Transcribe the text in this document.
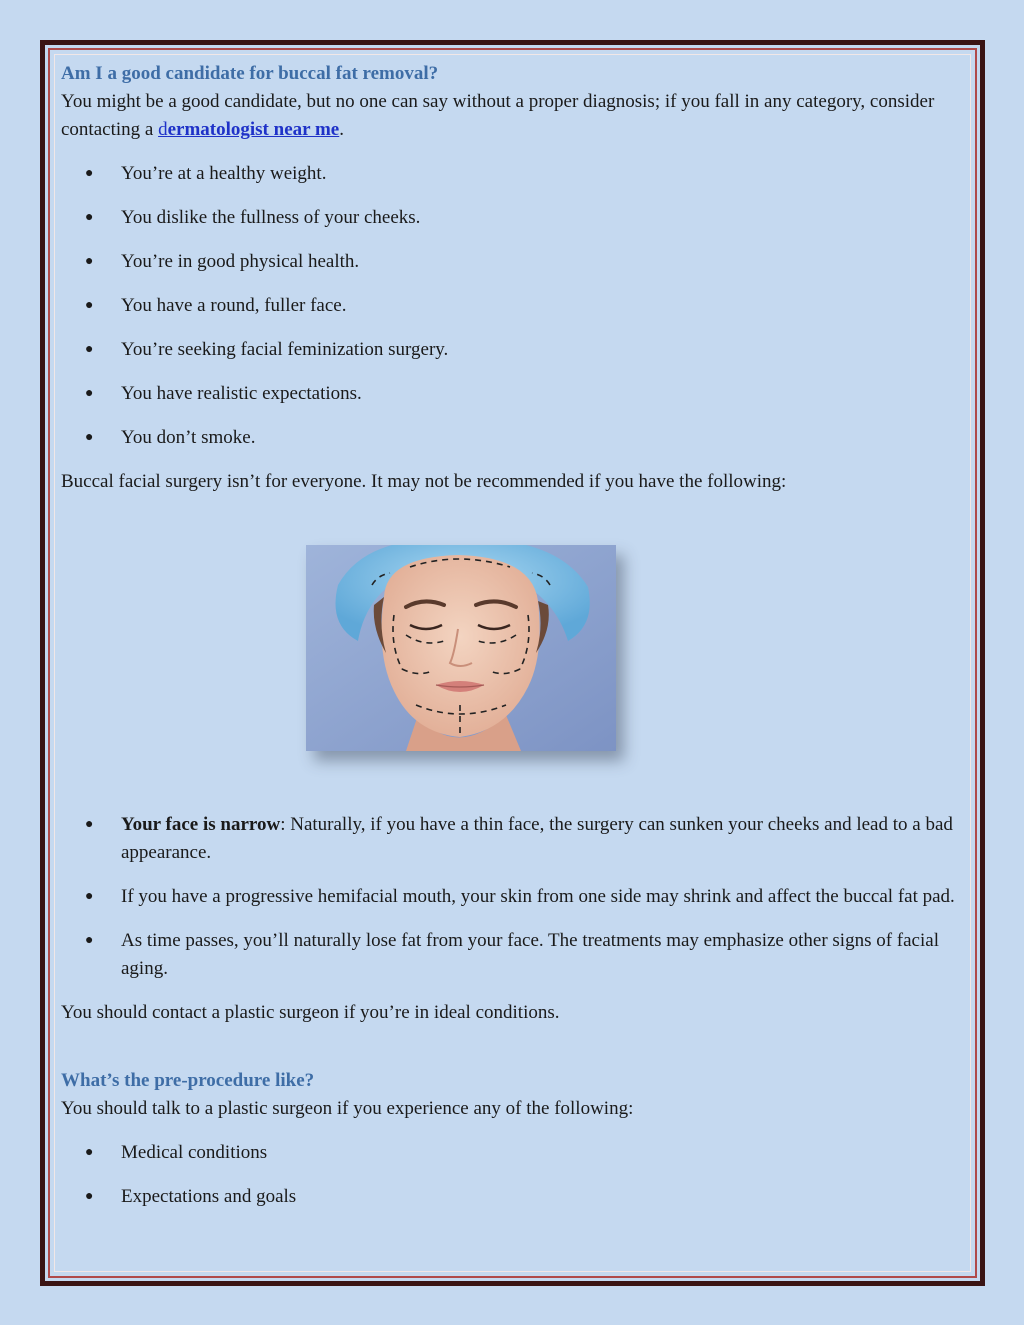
Am I a good candidate for buccal fat removal?

You might be a good candidate, but no one can say without a proper diagnosis; if you fall in any category, consider contacting a dermatologist near me.

● You’re at a healthy weight.
● You dislike the fullness of your cheeks.
● You’re in good physical health.
● You have a round, fuller face.
● You’re seeking facial feminization surgery.
● You have realistic expectations.
● You don’t smoke.

Buccal facial surgery isn’t for everyone. It may not be recommended if you have the following:

● Your face is narrow: Naturally, if you have a thin face, the surgery can sunken your cheeks and lead to a bad appearance.
● If you have a progressive hemifacial mouth, your skin from one side may shrink and affect the buccal fat pad.
● As time passes, you’ll naturally lose fat from your face. The treatments may emphasize other signs of facial aging.

You should contact a plastic surgeon if you’re in ideal conditions.

What’s the pre-procedure like?

You should talk to a plastic surgeon if you experience any of the following:

● Medical conditions
● Expectations and goals
